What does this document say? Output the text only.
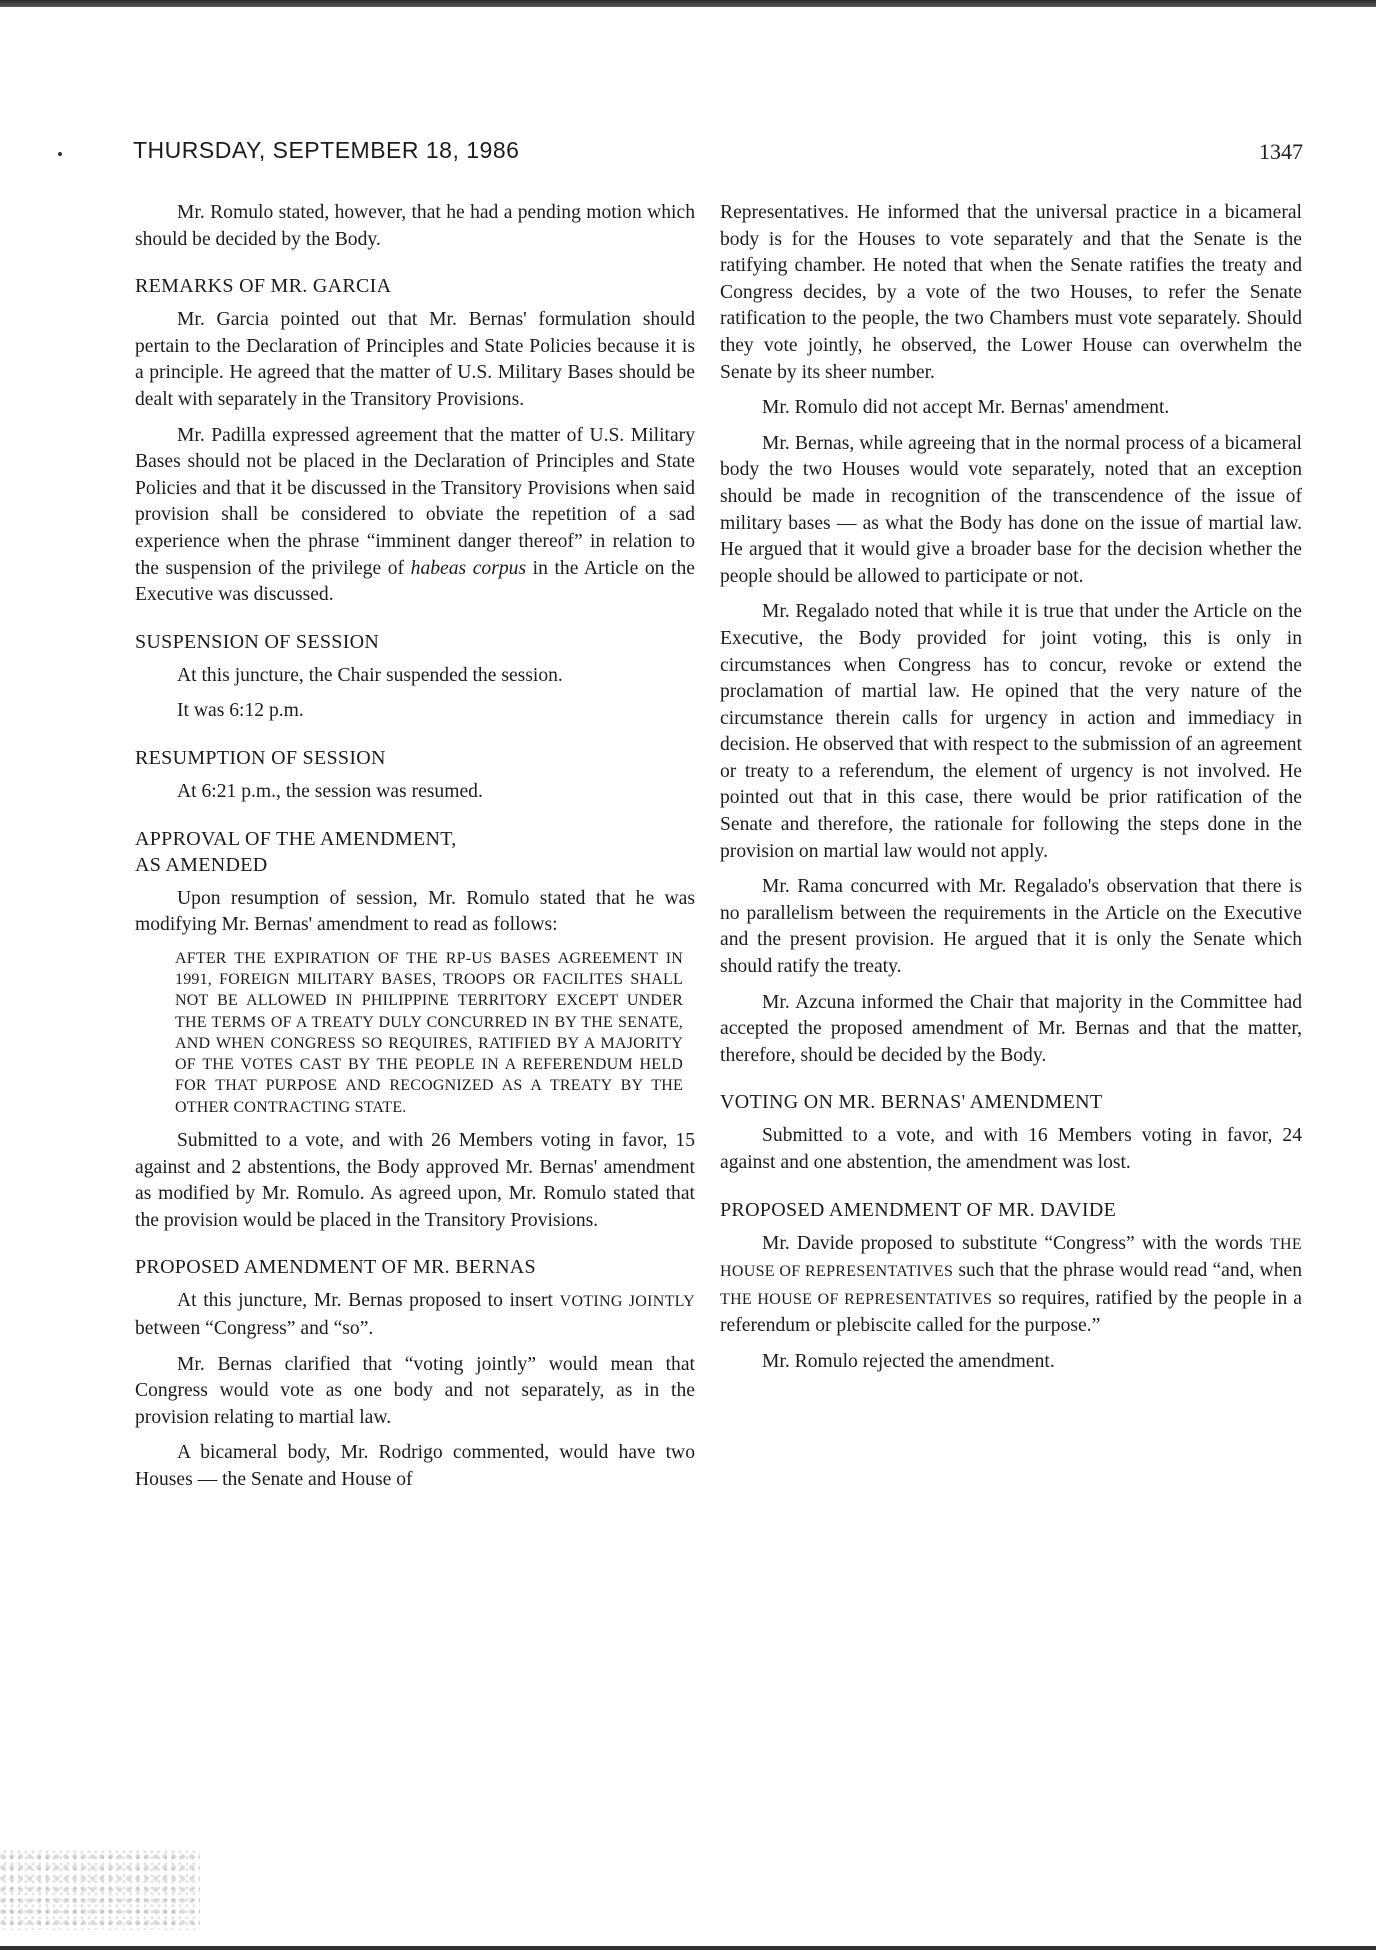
THURSDAY, SEPTEMBER 18, 1986	1347

Mr. Romulo stated, however, that he had a pending motion which should be decided by the Body.

REMARKS OF MR. GARCIA

Mr. Garcia pointed out that Mr. Bernas' formulation should pertain to the Declaration of Principles and State Policies because it is a principle. He agreed that the matter of U.S. Military Bases should be dealt with separately in the Transitory Provisions.

Mr. Padilla expressed agreement that the matter of U.S. Military Bases should not be placed in the Declaration of Principles and State Policies and that it be discussed in the Transitory Provisions when said provision shall be considered to obviate the repetition of a sad experience when the phrase “imminent danger thereof” in relation to the suspension of the privilege of habeas corpus in the Article on the Executive was discussed.

SUSPENSION OF SESSION

At this juncture, the Chair suspended the session.

It was 6:12 p.m.

RESUMPTION OF SESSION

At 6:21 p.m., the session was resumed.

APPROVAL OF THE AMENDMENT,
AS AMENDED

Upon resumption of session, Mr. Romulo stated that he was modifying Mr. Bernas' amendment to read as follows:

AFTER THE EXPIRATION OF THE RP-US BASES AGREEMENT IN 1991, FOREIGN MILITARY BASES, TROOPS OR FACILITES SHALL NOT BE ALLOWED IN PHILIPPINE TERRITORY EXCEPT UNDER THE TERMS OF A TREATY DULY CONCURRED IN BY THE SENATE, AND WHEN CONGRESS SO REQUIRES, RATIFIED BY A MAJORITY OF THE VOTES CAST BY THE PEOPLE IN A REFERENDUM HELD FOR THAT PURPOSE AND RECOGNIZED AS A TREATY BY THE OTHER CONTRACTING STATE.

Submitted to a vote, and with 26 Members voting in favor, 15 against and 2 abstentions, the Body approved Mr. Bernas' amendment as modified by Mr. Romulo. As agreed upon, Mr. Romulo stated that the provision would be placed in the Transitory Provisions.

PROPOSED AMENDMENT OF MR. BERNAS

At this juncture, Mr. Bernas proposed to insert VOTING JOINTLY between “Congress” and “so”.

Mr. Bernas clarified that “voting jointly” would mean that Congress would vote as one body and not separately, as in the provision relating to martial law.

A bicameral body, Mr. Rodrigo commented, would have two Houses — the Senate and House of

Representatives. He informed that the universal practice in a bicameral body is for the Houses to vote separately and that the Senate is the ratifying chamber. He noted that when the Senate ratifies the treaty and Congress decides, by a vote of the two Houses, to refer the Senate ratification to the people, the two Chambers must vote separately. Should they vote jointly, he observed, the Lower House can overwhelm the Senate by its sheer number.

Mr. Romulo did not accept Mr. Bernas' amendment.

Mr. Bernas, while agreeing that in the normal process of a bicameral body the two Houses would vote separately, noted that an exception should be made in recognition of the transcendence of the issue of military bases — as what the Body has done on the issue of martial law. He argued that it would give a broader base for the decision whether the people should be allowed to participate or not.

Mr. Regalado noted that while it is true that under the Article on the Executive, the Body provided for joint voting, this is only in circumstances when Congress has to concur, revoke or extend the proclamation of martial law. He opined that the very nature of the circumstance therein calls for urgency in action and immediacy in decision. He observed that with respect to the submission of an agreement or treaty to a referendum, the element of urgency is not involved. He pointed out that in this case, there would be prior ratification of the Senate and therefore, the rationale for following the steps done in the provision on martial law would not apply.

Mr. Rama concurred with Mr. Regalado's observation that there is no parallelism between the requirements in the Article on the Executive and the present provision. He argued that it is only the Senate which should ratify the treaty.

Mr. Azcuna informed the Chair that majority in the Committee had accepted the proposed amendment of Mr. Bernas and that the matter, therefore, should be decided by the Body.

VOTING ON MR. BERNAS' AMENDMENT

Submitted to a vote, and with 16 Members voting in favor, 24 against and one abstention, the amendment was lost.

PROPOSED AMENDMENT OF MR. DAVIDE

Mr. Davide proposed to substitute “Congress” with the words THE HOUSE OF REPRESENTATIVES such that the phrase would read “and, when THE HOUSE OF REPRESENTATIVES so requires, ratified by the people in a referendum or plebiscite called for the purpose.”

Mr. Romulo rejected the amendment.
